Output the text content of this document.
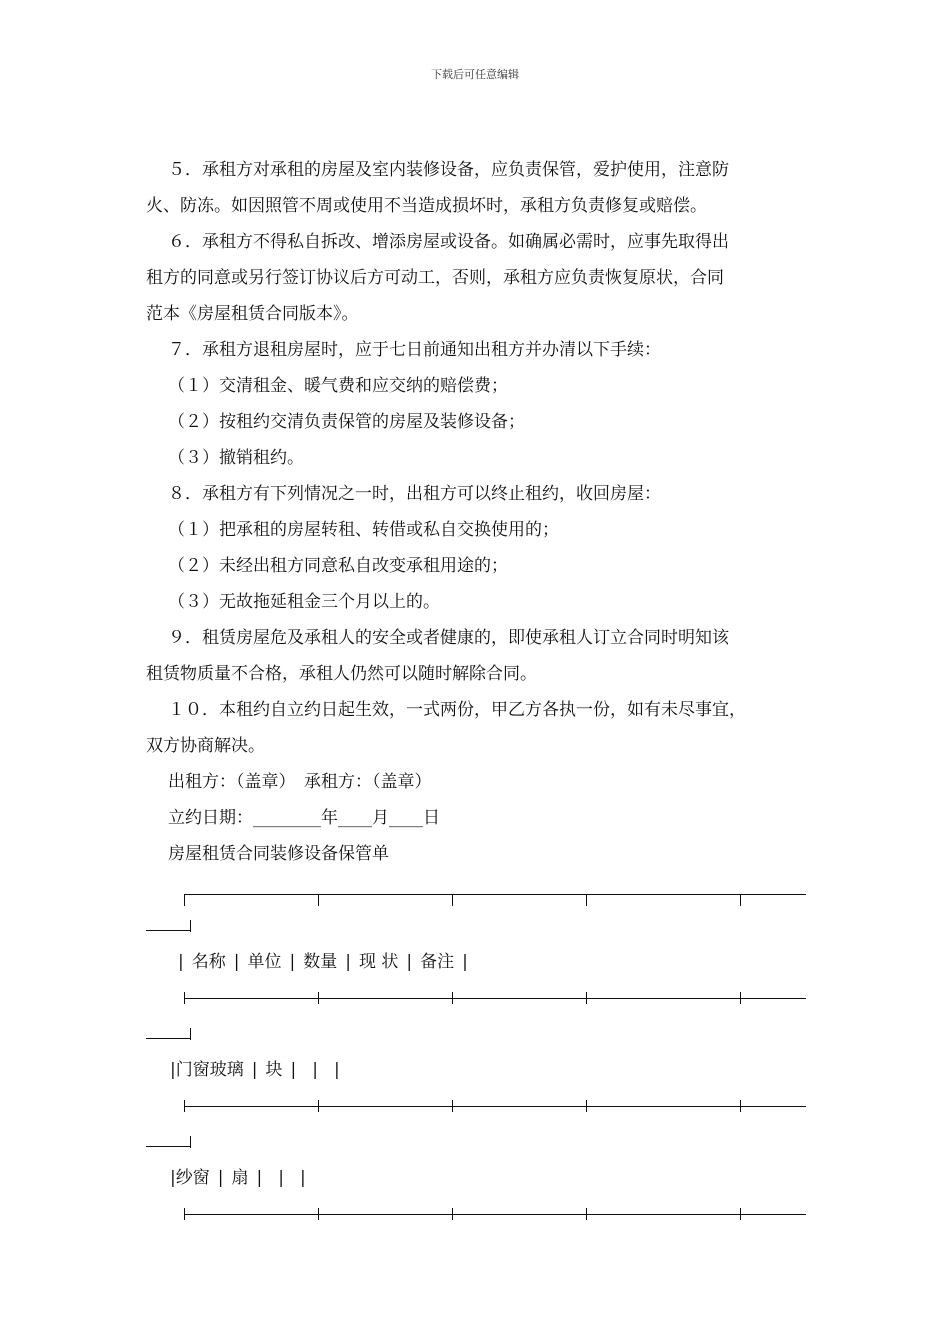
下载后可任意编辑

５．承租方对承租的房屋及室内装修设备，应负责保管，爱护使用，注意防

火、防冻。如因照管不周或使用不当造成损坏时，承租方负责修复或赔偿。

６．承租方不得私自拆改、增添房屋或设备。如确属必需时，应事先取得出

租方的同意或另行签订协议后方可动工，否则，承租方应负责恢复原状，合同

范本《房屋租赁合同版本》。

７．承租方退租房屋时，应于七日前通知出租方并办清以下手续：

（１）交清租金、暖气费和应交纳的赔偿费；

（２）按租约交清负责保管的房屋及装修设备；

（３）撤销租约。

８．承租方有下列情况之一时，出租方可以终止租约，收回房屋：

（１）把承租的房屋转租、转借或私自交换使用的；

（２）未经出租方同意私自改变承租用途的；

（３）无故拖延租金三个月以上的。

９．租赁房屋危及承租人的安全或者健康的，即使承租人订立合同时明知该

租赁物质量不合格，承租人仍然可以随时解除合同。

１０．本租约自立约日起生效，一式两份，甲乙方各执一份，如有未尽事宜，

双方协商解决。

出租方：（盖章）　承租方：（盖章）

立约日期：________年____月____日

房屋租赁合同装修设备保管单

| 名称 | 单位 | 数量 | 现 状 | 备注 |
|门窗玻璃 | 块 | | |
|纱窗 | 扇 | | |
